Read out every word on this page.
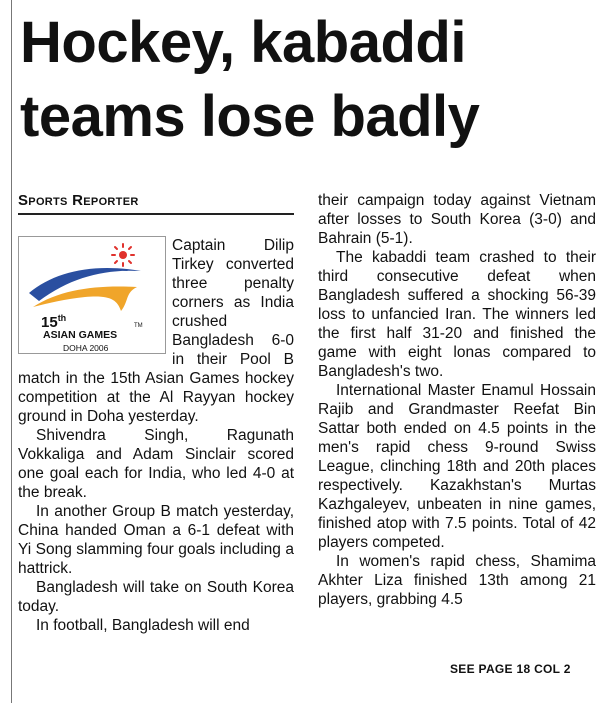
Hockey, kabaddi
teams lose badly
Sports Reporter
15th
TM
ASIAN GAMES
DOHA 2006

Captain Dilip Tirkey converted three penalty corners as India crushed Bangladesh 6-0 in their Pool B match in the 15th Asian Games hockey competition at the Al Rayyan hockey ground in Doha yesterday.

Shivendra Singh, Ragunath Vokkaliga and Adam Sinclair scored one goal each for India, who led 4-0 at the break.

In another Group B match yesterday, China handed Oman a 6-1 defeat with Yi Song slamming four goals including a hattrick.

Bangladesh will take on South Korea today.

In football, Bangladesh will end

their campaign today against Vietnam after losses to South Korea (3-0) and Bahrain (5-1).

The kabaddi team crashed to their third consecutive defeat when Bangladesh suffered a shocking 56-39 loss to unfancied Iran. The winners led the first half 31-20 and finished the game with eight lonas compared to Bangladesh's two.

International Master Enamul Hossain Rajib and Grandmaster Reefat Bin Sattar both ended on 4.5 points in the men's rapid chess 9-round Swiss League, clinching 18th and 20th places respectively. Kazakhstan's Murtas Kazhgaleyev, unbeaten in nine games, finished atop with 7.5 points. Total of 42 players competed.

In women's rapid chess, Shamima Akhter Liza finished 13th among 21 players, grabbing 4.5

SEE PAGE 18 COL 2
